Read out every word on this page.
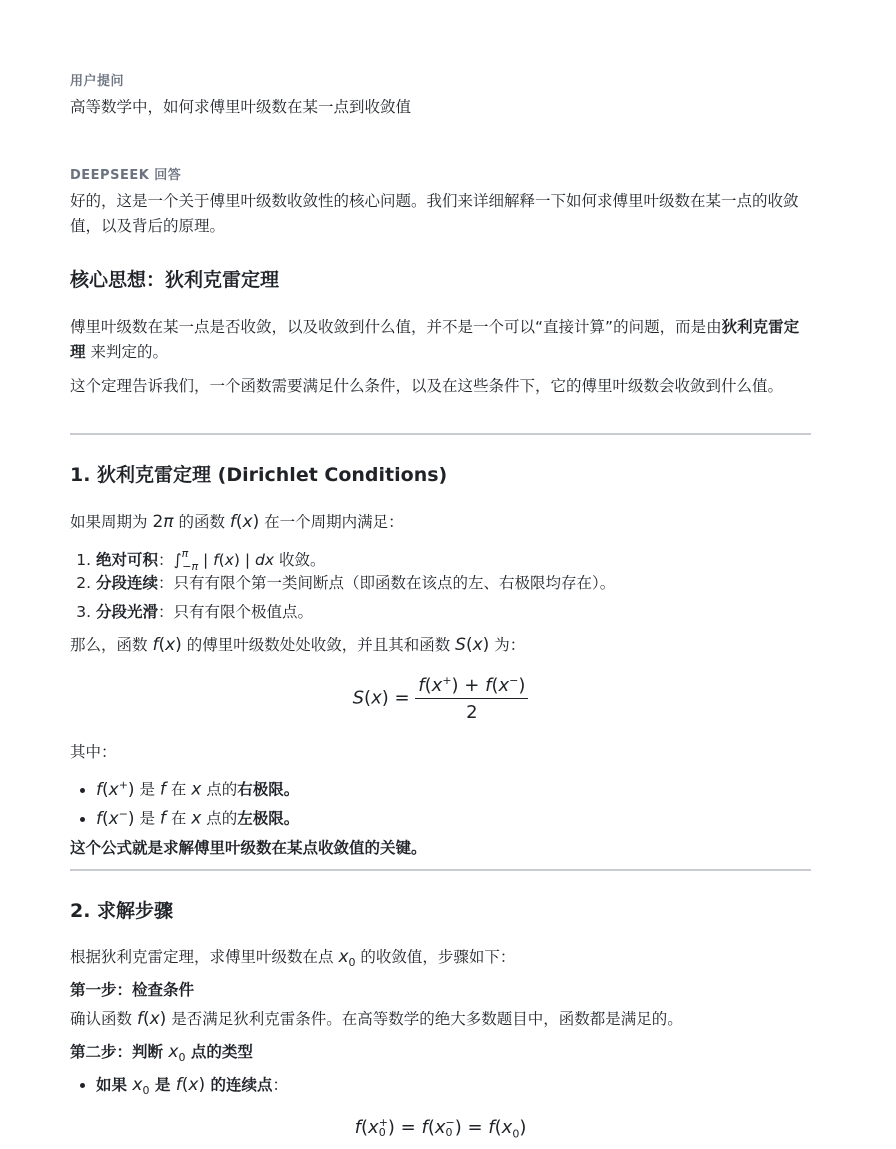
用户提问
高等数学中，如何求傅里叶级数在某一点到收敛值
DEEPSEEK 回答
好的，这是一个关于傅里叶级数收敛性的核心问题。我们来详细解释一下如何求傅里叶级数在某一点的收敛值，以及背后的原理。
核心思想：狄利克雷定理
傅里叶级数在某一点是否收敛，以及收敛到什么值，并不是一个可以“直接计算”的问题，而是由狄利克雷定理 来判定的。
这个定理告诉我们，一个函数需要满足什么条件，以及在这些条件下，它的傅里叶级数会收敛到什么值。
1. 狄利克雷定理 (Dirichlet Conditions)
如果周期为 2π 的函数 f(x) 在一个周期内满足：
1. 绝对可积：∫$^\pi_{-\pi}$ | f(x) | dx 收敛。
2. 分段连续：只有有限个第一类间断点（即函数在该点的左、右极限均存在）。
3. 分段光滑：只有有限个极值点。
那么，函数 f(x) 的傅里叶级数处处收敛，并且其和函数 S(x) 为：
$S(x) = \frac{f(x^+) + f(x^-)}{2}$
其中：
• f(x+) 是 f 在 x 点的右极限。
• f(x−) 是 f 在 x 点的左极限。
这个公式就是求解傅里叶级数在某点收敛值的关键。
2. 求解步骤
根据狄利克雷定理，求傅里叶级数在点 $x_0$ 的收敛值，步骤如下：
第一步：检查条件
确认函数 f(x) 是否满足狄利克雷条件。在高等数学的绝大多数题目中，函数都是满足的。
第二步：判断 $x_0$ 点的类型
• 如果 $x_0$ 是 f(x) 的连续点：
f(x +
0 ) = f(x −
0 ) = $f(x_0)$
